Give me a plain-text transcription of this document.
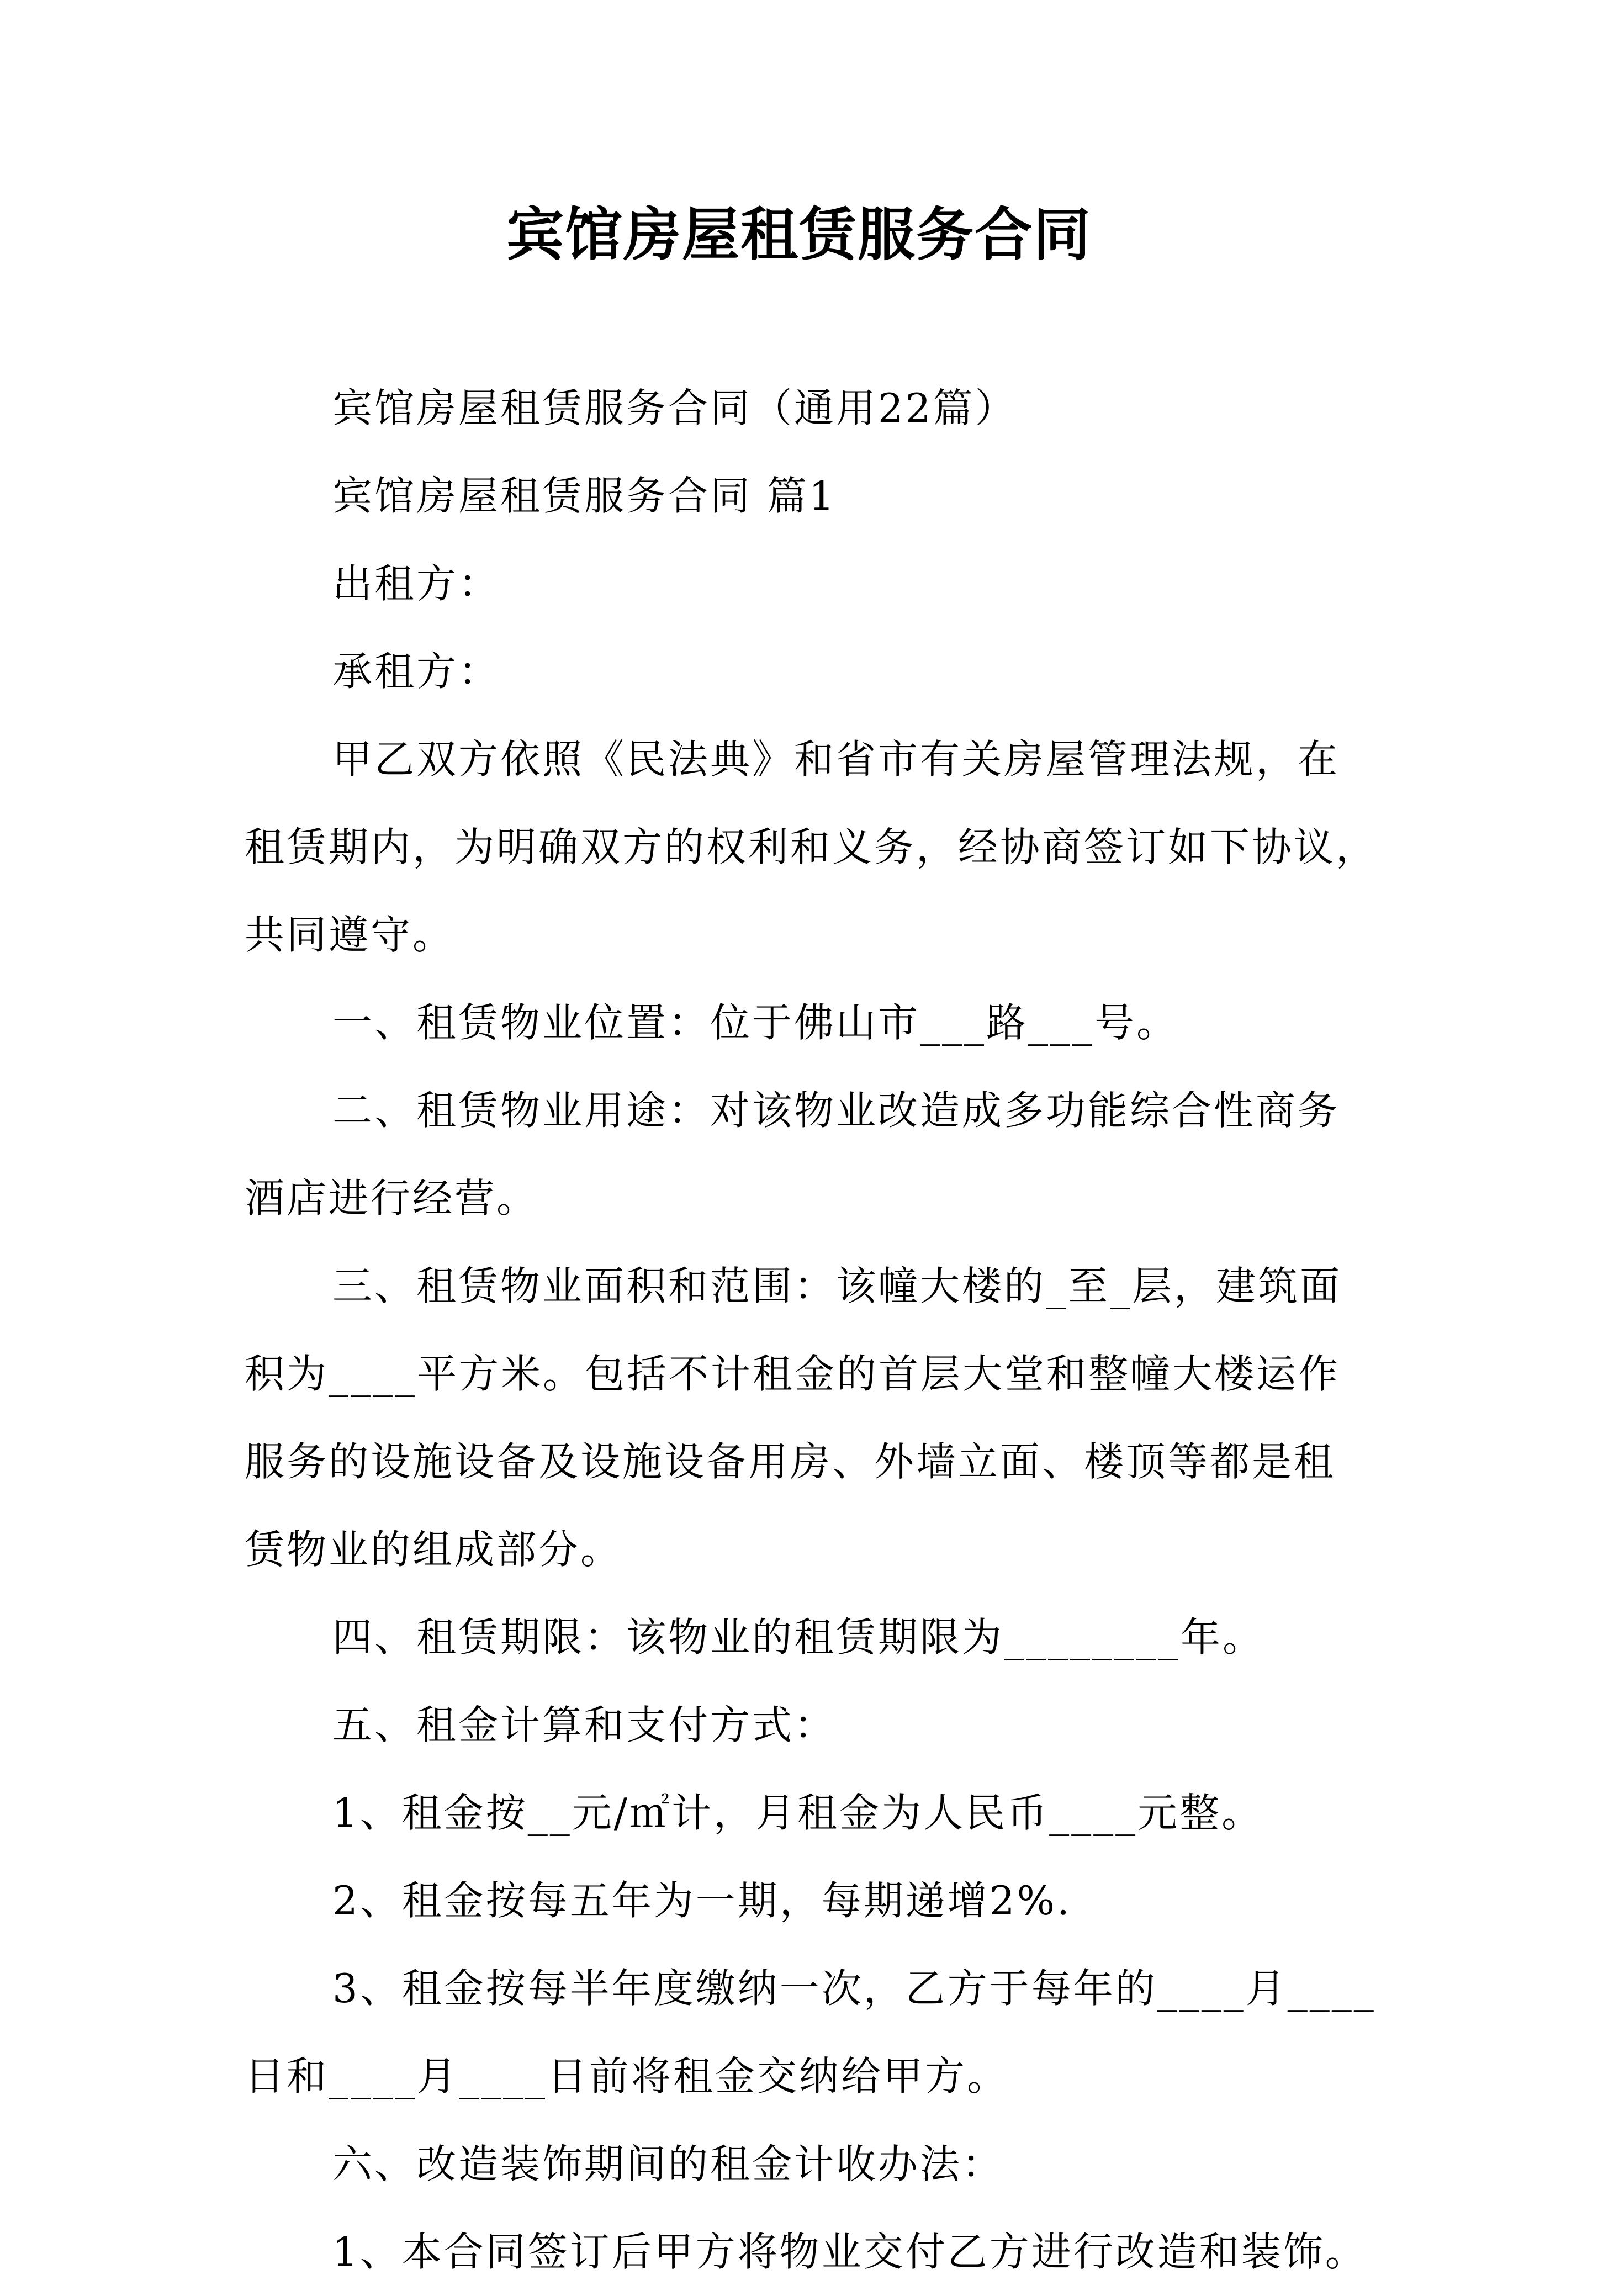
宾馆房屋租赁服务合同
宾馆房屋租赁服务合同（通用22篇）
宾馆房屋租赁服务合同 篇1
出租方：
承租方：
甲乙双方依照《民法典》和省市有关房屋管理法规，在
租赁期内，为明确双方的权利和义务，经协商签订如下协议，
共同遵守。
一、租赁物业位置：位于佛山市___路___号。
二、租赁物业用途：对该物业改造成多功能综合性商务
酒店进行经营。
三、租赁物业面积和范围：该幢大楼的_至_层，建筑面
积为____平方米。包括不计租金的首层大堂和整幢大楼运作
服务的设施设备及设施设备用房、外墙立面、楼顶等都是租
赁物业的组成部分。
四、租赁期限：该物业的租赁期限为________年。
五、租金计算和支付方式：
1、租金按__元/㎡计，月租金为人民币____元整。
2、租金按每五年为一期，每期递增2%.
3、租金按每半年度缴纳一次，乙方于每年的____月____
日和____月____日前将租金交纳给甲方。
六、改造装饰期间的租金计收办法：
1、本合同签订后甲方将物业交付乙方进行改造和装饰。
